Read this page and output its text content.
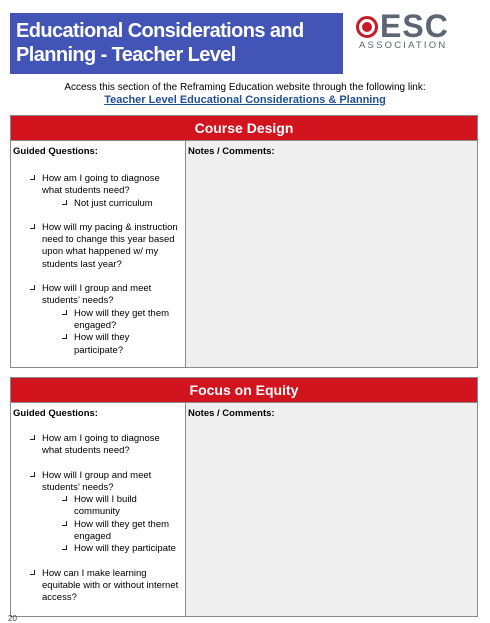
Educational Considerations and
Planning - Teacher Level
ESC
ASSOCIATION
Access this section of the Reframing Education website through the following link:
Teacher Level Educational Considerations & Planning
Course Design
Guided Questions:
How am I going to diagnose what students need?
Not just curriculum
How will my pacing & instruction need to change this year based upon what happened w/ my students last year?
How will I group and meet students’ needs?
How will they get them engaged?
How will they participate?
Notes / Comments:
Focus on Equity
Guided Questions:
How am I going to diagnose what students need?
How will I group and meet students’ needs?
How will I build community
How will they get them engaged
How will they participate
How can I make learning equitable with or without internet access?
Notes / Comments:
20
